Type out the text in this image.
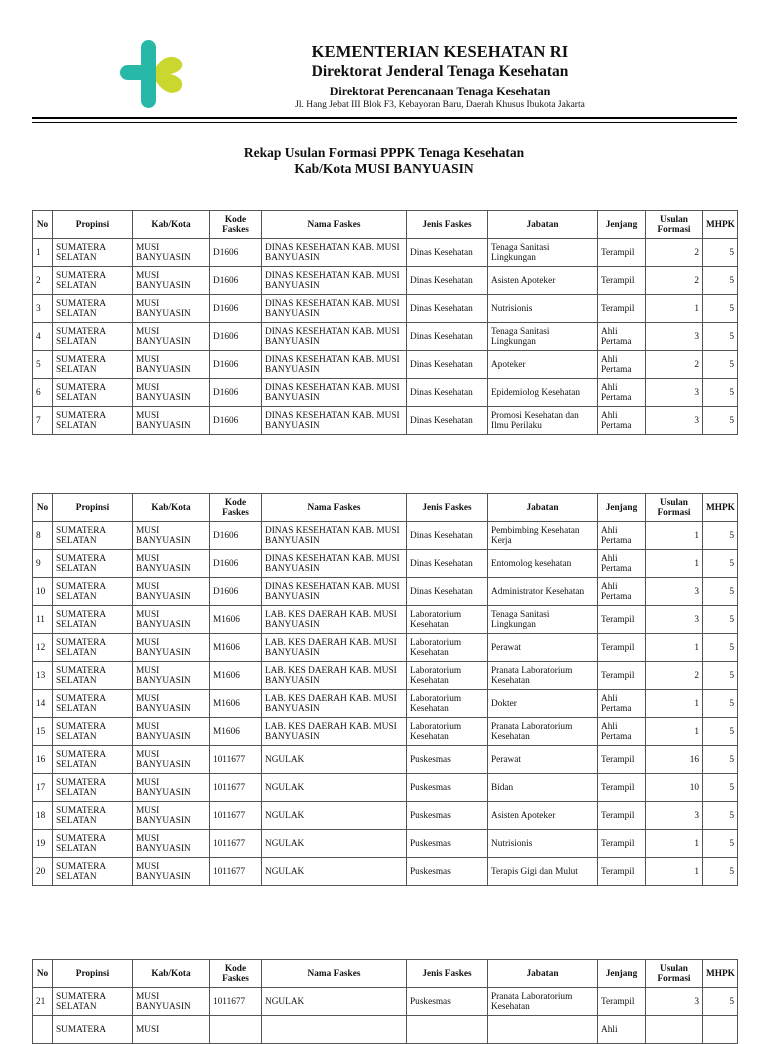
KEMENTERIAN KESEHATAN RI
Direktorat Jenderal Tenaga Kesehatan
Direktorat Perencanaan Tenaga Kesehatan
Jl. Hang Jebat III Blok F3, Kebayoran Baru, Daerah Khusus Ibukota Jakarta
Rekap Usulan Formasi PPPK Tenaga Kesehatan
Kab/Kota MUSI BANYUASIN
No	Propinsi	Kab/Kota	Kode Faskes	Nama Faskes	Jenis Faskes	Jabatan	Jenjang	Usulan Formasi	MHPK
1	SUMATERA SELATAN	MUSI BANYUASIN	D1606	DINAS KESEHATAN KAB. MUSI BANYUASIN	Dinas Kesehatan	Tenaga Sanitasi Lingkungan	Terampil	2	5
2	SUMATERA SELATAN	MUSI BANYUASIN	D1606	DINAS KESEHATAN KAB. MUSI BANYUASIN	Dinas Kesehatan	Asisten Apoteker	Terampil	2	5
3	SUMATERA SELATAN	MUSI BANYUASIN	D1606	DINAS KESEHATAN KAB. MUSI BANYUASIN	Dinas Kesehatan	Nutrisionis	Terampil	1	5
4	SUMATERA SELATAN	MUSI BANYUASIN	D1606	DINAS KESEHATAN KAB. MUSI BANYUASIN	Dinas Kesehatan	Tenaga Sanitasi Lingkungan	Ahli Pertama	3	5
5	SUMATERA SELATAN	MUSI BANYUASIN	D1606	DINAS KESEHATAN KAB. MUSI BANYUASIN	Dinas Kesehatan	Apoteker	Ahli Pertama	2	5
6	SUMATERA SELATAN	MUSI BANYUASIN	D1606	DINAS KESEHATAN KAB. MUSI BANYUASIN	Dinas Kesehatan	Epidemiolog Kesehatan	Ahli Pertama	3	5
7	SUMATERA SELATAN	MUSI BANYUASIN	D1606	DINAS KESEHATAN KAB. MUSI BANYUASIN	Dinas Kesehatan	Promosi Kesehatan dan Ilmu Perilaku	Ahli Pertama	3	5
No	Propinsi	Kab/Kota	Kode Faskes	Nama Faskes	Jenis Faskes	Jabatan	Jenjang	Usulan Formasi	MHPK
8	SUMATERA SELATAN	MUSI BANYUASIN	D1606	DINAS KESEHATAN KAB. MUSI BANYUASIN	Dinas Kesehatan	Pembimbing Kesehatan Kerja	Ahli Pertama	1	5
9	SUMATERA SELATAN	MUSI BANYUASIN	D1606	DINAS KESEHATAN KAB. MUSI BANYUASIN	Dinas Kesehatan	Entomolog kesehatan	Ahli Pertama	1	5
10	SUMATERA SELATAN	MUSI BANYUASIN	D1606	DINAS KESEHATAN KAB. MUSI BANYUASIN	Dinas Kesehatan	Administrator Kesehatan	Ahli Pertama	3	5
11	SUMATERA SELATAN	MUSI BANYUASIN	M1606	LAB. KES DAERAH KAB. MUSI BANYUASIN	Laboratorium Kesehatan	Tenaga Sanitasi Lingkungan	Terampil	3	5
12	SUMATERA SELATAN	MUSI BANYUASIN	M1606	LAB. KES DAERAH KAB. MUSI BANYUASIN	Laboratorium Kesehatan	Perawat	Terampil	1	5
13	SUMATERA SELATAN	MUSI BANYUASIN	M1606	LAB. KES DAERAH KAB. MUSI BANYUASIN	Laboratorium Kesehatan	Pranata Laboratorium Kesehatan	Terampil	2	5
14	SUMATERA SELATAN	MUSI BANYUASIN	M1606	LAB. KES DAERAH KAB. MUSI BANYUASIN	Laboratorium Kesehatan	Dokter	Ahli Pertama	1	5
15	SUMATERA SELATAN	MUSI BANYUASIN	M1606	LAB. KES DAERAH KAB. MUSI BANYUASIN	Laboratorium Kesehatan	Pranata Laboratorium Kesehatan	Ahli Pertama	1	5
16	SUMATERA SELATAN	MUSI BANYUASIN	1011677	NGULAK	Puskesmas	Perawat	Terampil	16	5
17	SUMATERA SELATAN	MUSI BANYUASIN	1011677	NGULAK	Puskesmas	Bidan	Terampil	10	5
18	SUMATERA SELATAN	MUSI BANYUASIN	1011677	NGULAK	Puskesmas	Asisten Apoteker	Terampil	3	5
19	SUMATERA SELATAN	MUSI BANYUASIN	1011677	NGULAK	Puskesmas	Nutrisionis	Terampil	1	5
20	SUMATERA SELATAN	MUSI BANYUASIN	1011677	NGULAK	Puskesmas	Terapis Gigi dan Mulut	Terampil	1	5
No	Propinsi	Kab/Kota	Kode Faskes	Nama Faskes	Jenis Faskes	Jabatan	Jenjang	Usulan Formasi	MHPK
21	SUMATERA SELATAN	MUSI BANYUASIN	1011677	NGULAK	Puskesmas	Pranata Laboratorium Kesehatan	Terampil	3	5
	SUMATERA	MUSI					Ahli		
